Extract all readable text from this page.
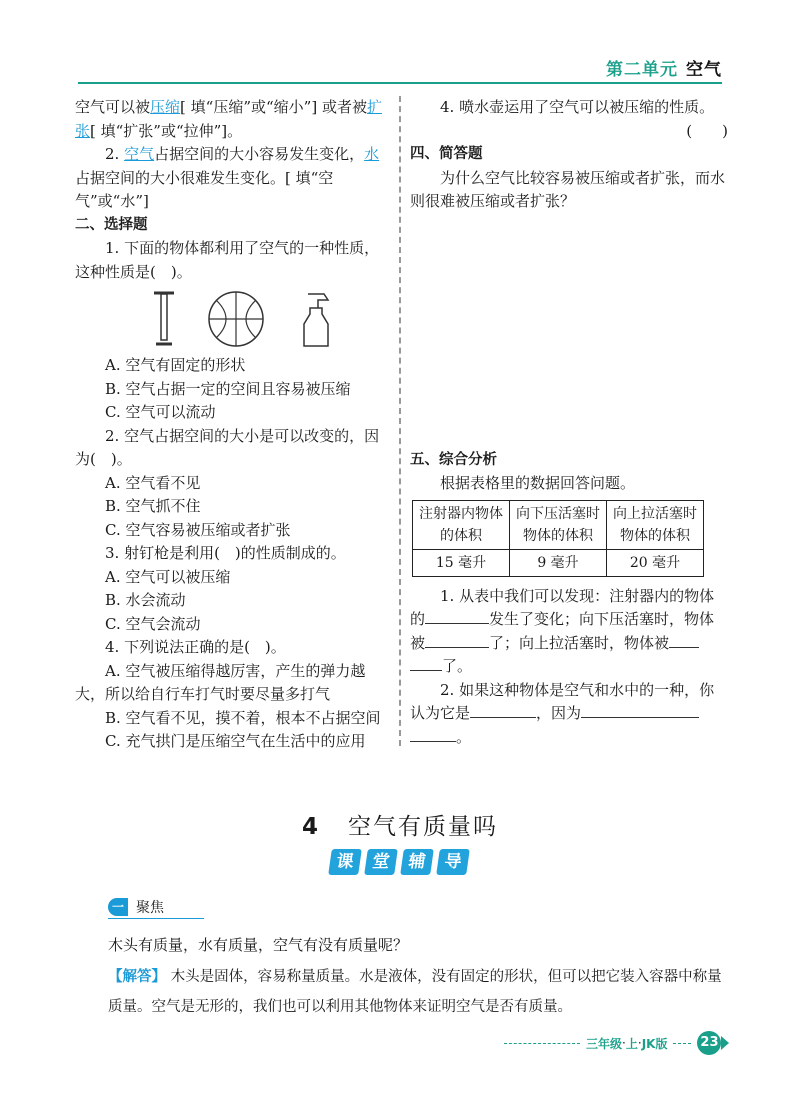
第二单元 空气

空气可以被压缩[ 填“压缩”或“缩小”] 或者被扩张[ 填“扩张”或“拉伸”]。

2. 空气占据空间的大小容易发生变化，水占据空间的大小很难发生变化。[ 填“空气”或“水”]

二、选择题

1. 下面的物体都利用了空气的一种性质，这种性质是(　)。

A. 空气有固定的形状

B. 空气占据一定的空间且容易被压缩

C. 空气可以流动

2. 空气占据空间的大小是可以改变的，因为(　)。

A. 空气看不见

B. 空气抓不住

C. 空气容易被压缩或者扩张

3. 射钉枪是利用(　)的性质制成的。

A. 空气可以被压缩

B. 水会流动

C. 空气会流动

4. 下列说法正确的是(　)。

A. 空气被压缩得越厉害，产生的弹力越大，所以给自行车打气时要尽量多打气

B. 空气看不见，摸不着，根本不占据空间

C. 充气拱门是压缩空气在生活中的应用

4. 喷水壶运用了空气可以被压缩的性质。

(　　)

四、简答题

为什么空气比较容易被压缩或者扩张，而水则很难被压缩或者扩张？

五、综合分析

根据表格里的数据回答问题。

注射器内物体的体积	向下压活塞时物体的体积	向上拉活塞时物体的体积
15 毫升	9 毫升	20 毫升

1. 从表中我们可以发现：注射器内的物体的	发生了变化；向下压活塞时，物体被	了；向上拉活塞时，物体被
了。

2. 如果这种物体是空气和水中的一种，你认为它是	，因为
。

4 空气有质量吗
课 堂 辅 导
一 聚焦

木头有质量，水有质量，空气有没有质量呢？

【解答】 木头是固体，容易称量质量。水是液体，没有固定的形状，但可以把它装入容器中称量质量。空气是无形的，我们也可以利用其他物体来证明空气是否有质量。

三年级 · 上 · JK版	23
